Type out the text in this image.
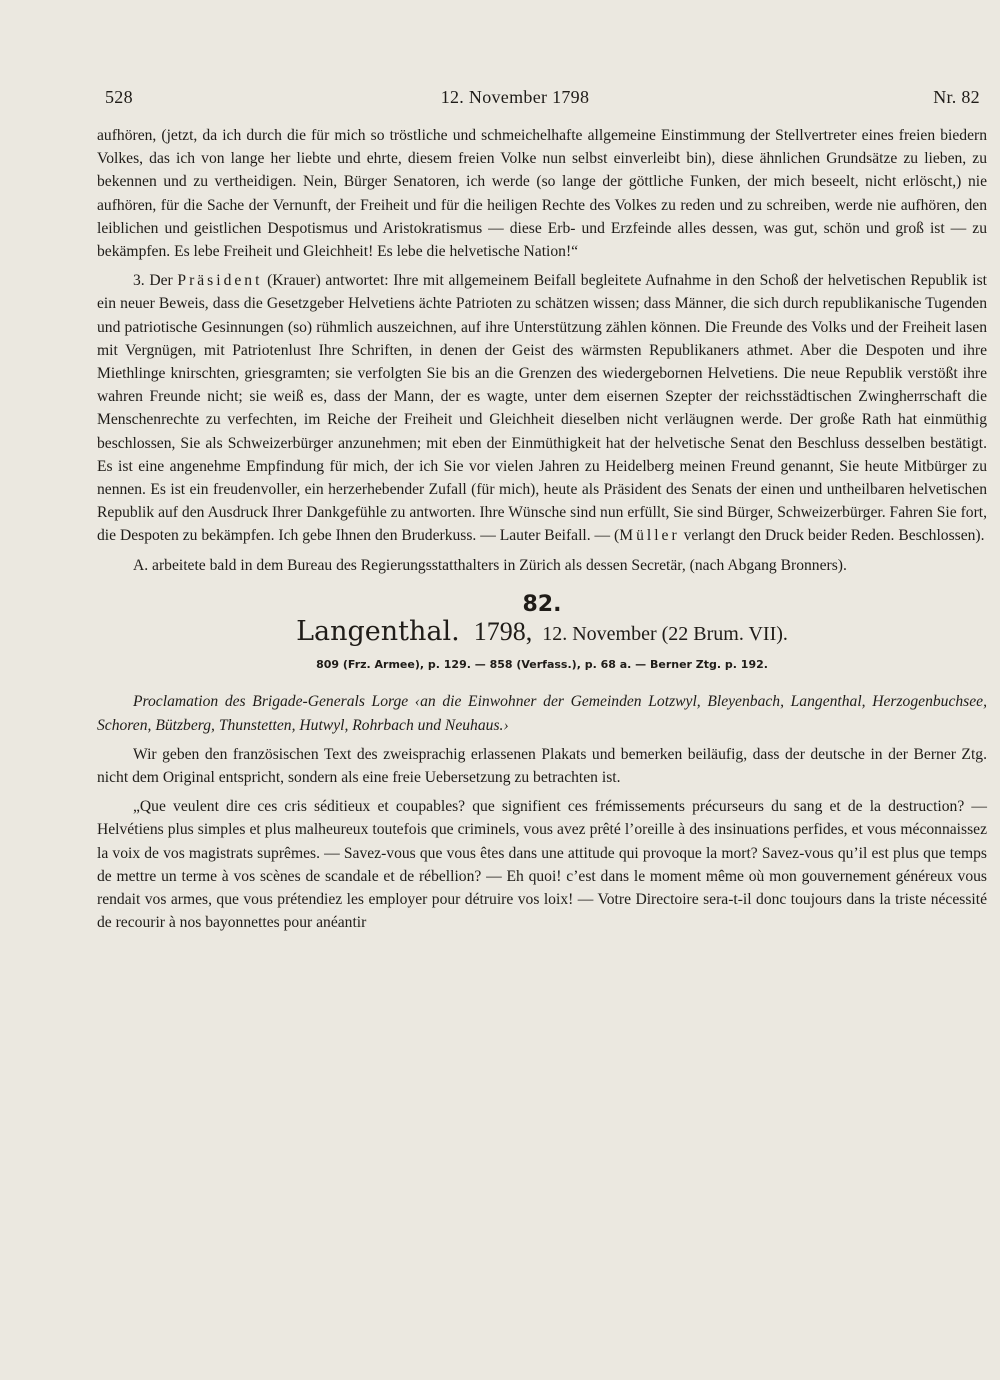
528	12. November 1798	Nr. 82

aufhören, (jetzt, da ich durch die für mich so tröstliche und schmeichelhafte allgemeine Einstimmung der Stellvertreter eines freien biedern Volkes, das ich von lange her liebte und ehrte, diesem freien Volke nun selbst einverleibt bin), diese ähnlichen Grundsätze zu lieben, zu bekennen und zu vertheidigen. Nein, Bürger Senatoren, ich werde (so lange der göttliche Funken, der mich beseelt, nicht erlöscht,) nie aufhören, für die Sache der Vernunft, der Freiheit und für die heiligen Rechte des Volkes zu reden und zu schreiben, werde nie aufhören, den leiblichen und geistlichen Despotismus und Aristokratismus — diese Erb- und Erzfeinde alles dessen, was gut, schön und groß ist — zu bekämpfen. Es lebe Freiheit und Gleichheit! Es lebe die helvetische Nation!“

3. Der Präsident (Krauer) antwortet: Ihre mit allgemeinem Beifall begleitete Aufnahme in den Schoß der helvetischen Republik ist ein neuer Beweis, dass die Gesetzgeber Helvetiens ächte Patrioten zu schätzen wissen; dass Männer, die sich durch republikanische Tugenden und patriotische Gesinnungen (so) rühmlich auszeichnen, auf ihre Unterstützung zählen können. Die Freunde des Volks und der Freiheit lasen mit Vergnügen, mit Patriotenlust Ihre Schriften, in denen der Geist des wärmsten Republikaners athmet. Aber die Despoten und ihre Miethlinge knirschten, griesgramten; sie verfolgten Sie bis an die Grenzen des wiedergebornen Helvetiens. Die neue Republik verstößt ihre wahren Freunde nicht; sie weiß es, dass der Mann, der es wagte, unter dem eisernen Szepter der reichsstädtischen Zwingherrschaft die Menschenrechte zu verfechten, im Reiche der Freiheit und Gleichheit dieselben nicht verläugnen werde. Der große Rath hat einmüthig beschlossen, Sie als Schweizerbürger anzunehmen; mit eben der Einmüthigkeit hat der helvetische Senat den Beschluss desselben bestätigt. Es ist eine angenehme Empfindung für mich, der ich Sie vor vielen Jahren zu Heidelberg meinen Freund genannt, Sie heute Mitbürger zu nennen. Es ist ein freudenvoller, ein herzerhebender Zufall (für mich), heute als Präsident des Senats der einen und untheilbaren helvetischen Republik auf den Ausdruck Ihrer Dankgefühle zu antworten. Ihre Wünsche sind nun erfüllt, Sie sind Bürger, Schweizerbürger. Fahren Sie fort, die Despoten zu bekämpfen. Ich gebe Ihnen den Bruderkuss. — Lauter Beifall. — (Müller verlangt den Druck beider Reden. Beschlossen).

A. arbeitete bald in dem Bureau des Regierungsstatthalters in Zürich als dessen Secretär, (nach Abgang Bronners).

82.
Langenthal. 1798, 12. November (22 Brum. VII).
809 (Frz. Armee), p. 129. — 858 (Verfass.), p. 68 a. — Berner Ztg. p. 192.

Proclamation des Brigade-Generals Lorge ‹an die Einwohner der Gemeinden Lotzwyl, Bleyenbach, Langenthal, Herzogenbuchsee, Schoren, Bützberg, Thunstetten, Hutwyl, Rohrbach und Neuhaus.›

Wir geben den französischen Text des zweisprachig erlassenen Plakats und bemerken beiläufig, dass der deutsche in der Berner Ztg. nicht dem Original entspricht, sondern als eine freie Uebersetzung zu betrachten ist.

„Que veulent dire ces cris séditieux et coupables? que signifient ces frémissements précurseurs du sang et de la destruction? — Helvétiens plus simples et plus malheureux toutefois que criminels, vous avez prêté l’oreille à des insinuations perfides, et vous méconnaissez la voix de vos magistrats suprêmes. — Savez-vous que vous êtes dans une attitude qui provoque la mort? Savez-vous qu’il est plus que temps de mettre un terme à vos scènes de scandale et de rébellion? — Eh quoi! c’est dans le moment même où mon gouvernement généreux vous rendait vos armes, que vous prétendiez les employer pour détruire vos loix! — Votre Directoire sera-t-il donc toujours dans la triste nécessité de recourir à nos bayonnettes pour anéantir
